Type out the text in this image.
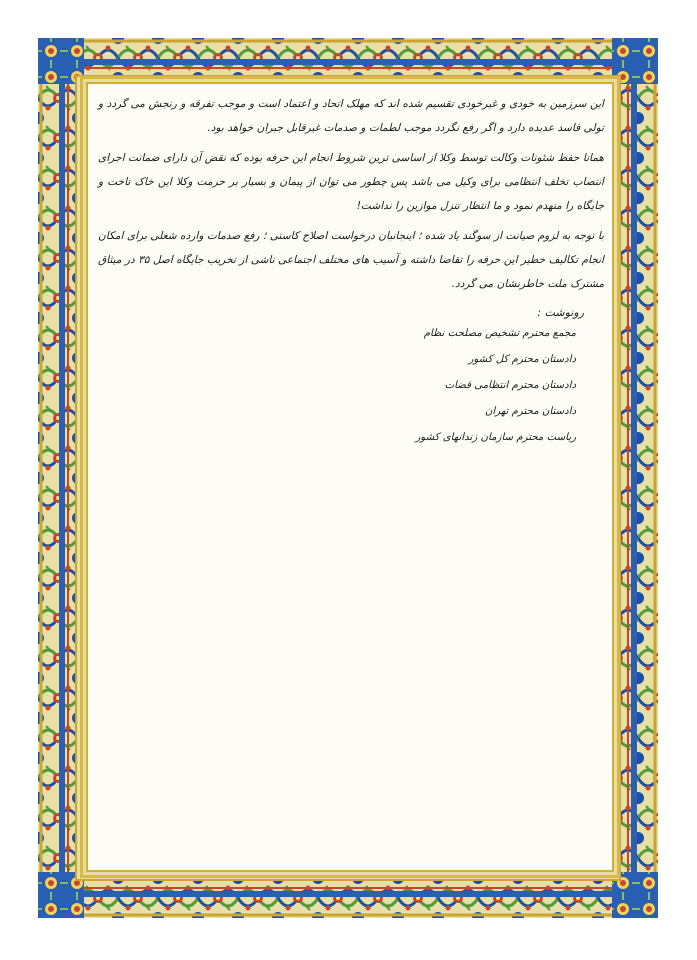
این سرزمین به خودی و غیرخودی تقسیم شده اند که مهلک اتحاد و اعتماد است و موجب تفرقه و رنجش می گردد و تولی فاسد عدیده دارد و اگر رفع نگردد موجب لطمات و صدمات غیرقابل جبران خواهد بود.

همانا حفظ شئونات وکالت توسط وکلا از اساسی ترین شروط انجام این حرفه بوده که نقض آن دارای ضمانت اجرای انتصاب تخلف انتظامی برای وکیل می باشد پس چطور می توان از پیمان و بسیار بر حرمت وکلا این خاک تاخت و جایگاه را منهدم نمود و ما انتظار تنزل موازین را نداشت!

با توجه به لزوم صیانت از سوگند یاد شده ؛ اینجانبان درخواست اصلاح کاستی ؛ رفع صدمات وارده شغلی برای امکان انجام تکالیف خطیر این حرفه را تقاضا داشته و آسیب های مختلف اجتماعی ناشی از تخریب جایگاه اصل ۳۵ در میثاق مشترک ملت خاطرنشان می گردد.

رونوشت :
مجمع محترم تشخیص مصلحت نظام
دادستان محترم کل کشور
دادستان محترم انتظامی قضات
دادستان محترم تهران
ریاست محترم سازمان زندانهای کشور
